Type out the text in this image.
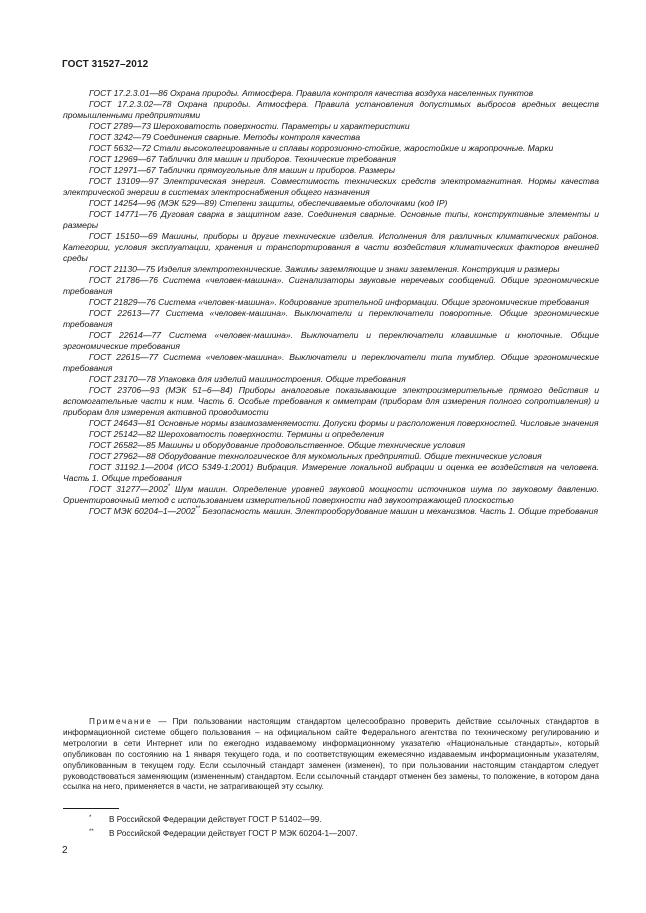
ГОСТ 31527–2012

ГОСТ 17.2.3.01—86 Охрана природы. Атмосфера. Правила контроля качества воздуха населенных пунктов

ГОСТ 17.2.3.02—78 Охрана природы. Атмосфера. Правила установления допустимых выбросов вредных веществ промышленными предприятиями

ГОСТ 2789—73 Шероховатость поверхности. Параметры и характеристики

ГОСТ 3242—79 Соединения сварные. Методы контроля качества

ГОСТ 5632—72 Стали высоколегированные и сплавы коррозионно-стойкие, жаростойкие и жаропрочные. Марки

ГОСТ 12969—67 Таблички для машин и приборов. Технические требования

ГОСТ 12971—67 Таблички прямоугольные для машин и приборов. Размеры

ГОСТ 13109—97 Электрическая энергия. Совместимость технических средств электромагнитная. Нормы качества электрической энергии в системах электроснабжения общего назначения

ГОСТ 14254—96 (МЭК 529—89) Степени защиты, обеспечиваемые оболочками (код IP)

ГОСТ 14771—76 Дуговая сварка в защитном газе. Соединения сварные. Основные типы, конструктивные элементы и размеры

ГОСТ 15150—69 Машины, приборы и другие технические изделия. Исполнения для различных климатических районов. Категории, условия эксплуатации, хранения и транспортирования в части воздействия климатических факторов внешней среды

ГОСТ 21130—75 Изделия электротехнические. Зажимы заземляющие и знаки заземления. Конструкция и размеры

ГОСТ 21786—76 Система «человек-машина». Сигнализаторы звуковые неречевых сообщений. Общие эргономические требования

ГОСТ 21829—76 Система «человек-машина». Кодирование зрительной информации. Общие эргономические требования

ГОСТ 22613—77 Система «человек-машина». Выключатели и переключатели поворотные. Общие эргономические требования

ГОСТ 22614—77 Система «человек-машина». Выключатели и переключатели клавишные и кнопочные. Общие эргономические требования

ГОСТ 22615—77 Система «человек-машина». Выключатели и переключатели типа тумблер. Общие эргономические требования

ГОСТ 23170—78 Упаковка для изделий машиностроения. Общие требования

ГОСТ 23706—93 (МЭК 51–6—84) Приборы аналоговые показывающие электроизмерительные прямого действия и вспомогательные части к ним. Часть 6. Особые требования к омметрам (приборам для измерения полного сопротивления) и приборам для измерения активной проводимости

ГОСТ 24643—81 Основные нормы взаимозаменяемости. Допуски формы и расположения поверхностей. Числовые значения

ГОСТ 25142—82 Шероховатость поверхности. Термины и определения

ГОСТ 26582—85 Машины и оборудование продовольственное. Общие технические условия

ГОСТ 27962—88 Оборудование технологическое для мукомольных предприятий. Общие технические условия

ГОСТ 31192.1—2004 (ИСО 5349-1:2001) Вибрация. Измерение локальной вибрации и оценка ее воздействия на человека. Часть 1. Общие требования

ГОСТ 31277—2002* Шум машин. Определение уровней звуковой мощности источников шума по звуковому давлению. Ориентировочный метод с использованием измерительной поверхности над звукоотражающей плоскостью

ГОСТ МЭК 60204–1—2002** Безопасность машин. Электрооборудование машин и механизмов. Часть 1. Общие требования

Примечание — При пользовании настоящим стандартом целесообразно проверить действие ссылочных стандартов в информационной системе общего пользования – на официальном сайте Федерального агентства по техническому регулированию и метрологии в сети Интернет или по ежегодно издаваемому информационному указателю «Национальные стандарты», который опубликован по состоянию на 1 января текущего года, и по соответствующим ежемесячно издаваемым информационным указателям, опубликованным в текущем году. Если ссылочный стандарт заменен (изменен), то при пользовании настоящим стандартом следует руководствоваться заменяющим (измененным) стандартом. Если ссылочный стандарт отменен без замены, то положение, в котором дана ссылка на него, применяется в части, не затрагивающей эту ссылку.

* В Российской Федерации действует ГОСТ Р 51402—99.

** В Российской Федерации действует ГОСТ Р МЭК 60204-1—2007.

2
